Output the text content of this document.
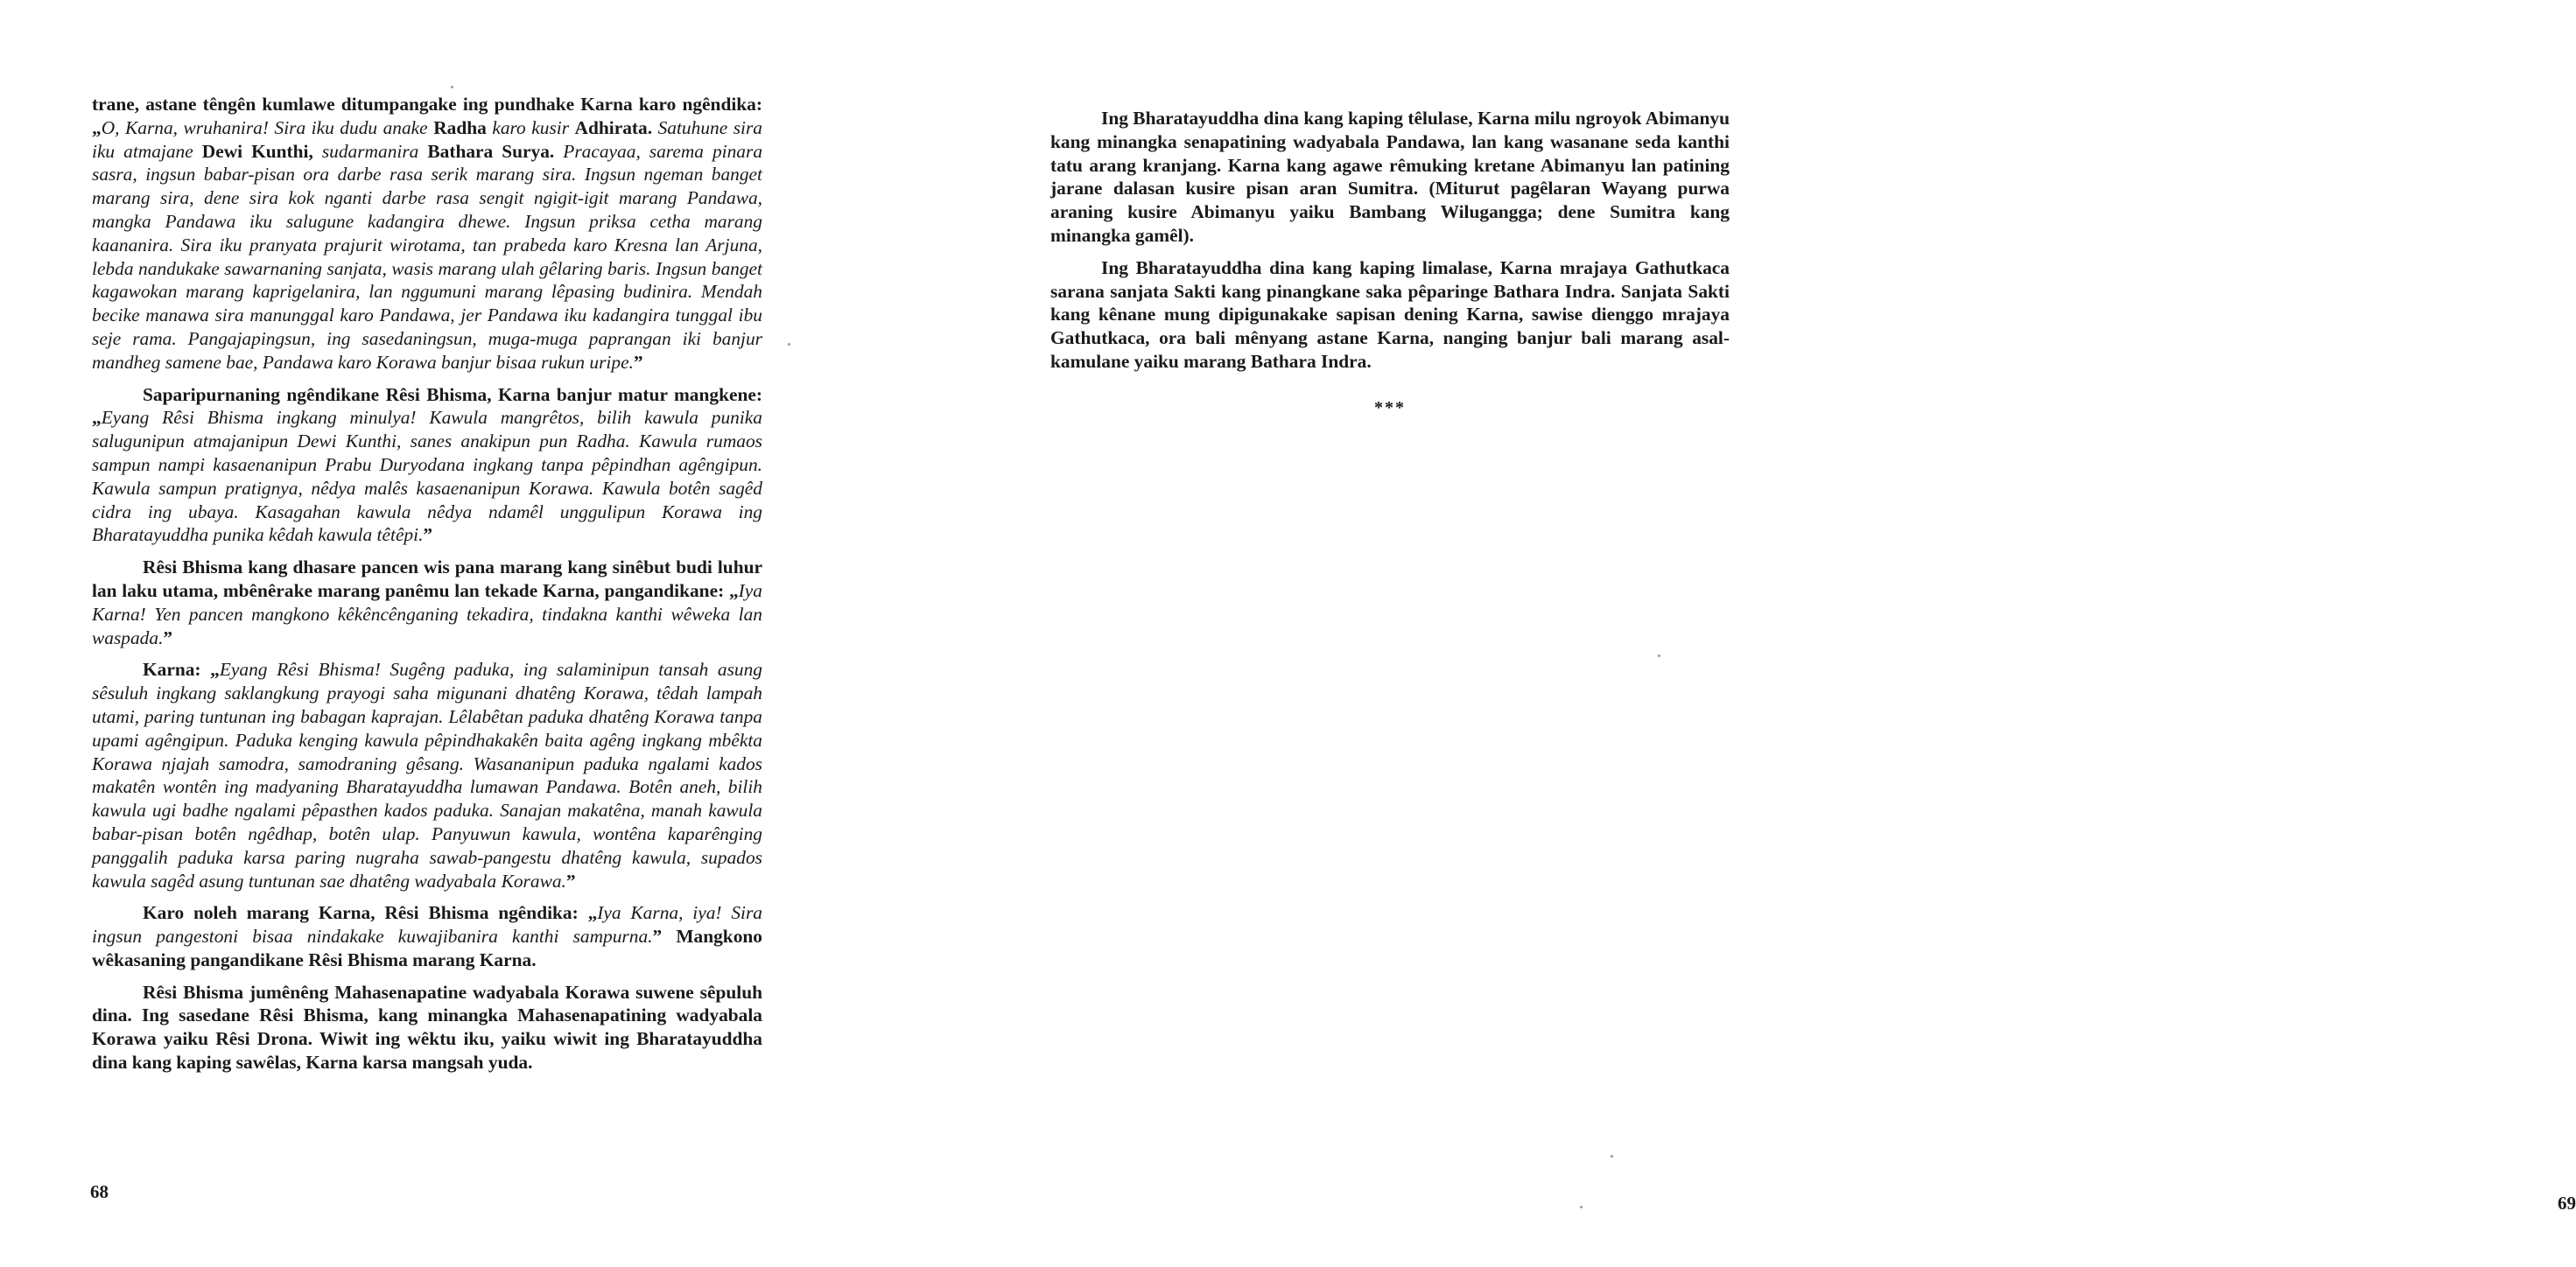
trane, astane têngên kumlawe ditumpangake ing pundhake Karna karo ngêndika: „O, Karna, wruhanira! Sira iku dudu anake Radha karo kusir Adhirata. Satuhune sira iku atmajane Dewi Kunthi, sudarmanira Bathara Surya. Pracayaa, sarema pinara sasra, ingsun babar-pisan ora darbe rasa serik marang sira. Ingsun ngeman banget marang sira, dene sira kok nganti darbe rasa sengit ngigit-igit marang Pandawa, mangka Pandawa iku salugune kadangira dhewe. Ingsun priksa cetha marang kaananira. Sira iku pranyata prajurit wirotama, tan prabeda karo Kresna lan Arjuna, lebda nandukake sawarnaning sanjata, wasis marang ulah gêlaring baris. Ingsun banget kagawokan marang kaprigelanira, lan nggumuni marang lêpasing budinira. Mendah becike manawa sira manunggal karo Pandawa, jer Pandawa iku kadangira tunggal ibu seje rama. Pangajapingsun, ing sasedaningsun, muga-muga paprangan iki banjur mandheg samene bae, Pandawa karo Korawa banjur bisaa rukun uripe.”

Saparipurnaning ngêndikane Rêsi Bhisma, Karna banjur matur mangkene: „Eyang Rêsi Bhisma ingkang minulya! Kawula mangrêtos, bilih kawula punika salugunipun atmajanipun Dewi Kunthi, sanes anakipun pun Radha. Kawula rumaos sampun nampi kasaenanipun Prabu Duryodana ingkang tanpa pêpindhan agêngipun. Kawula sampun pratignya, nêdya malês kasaenanipun Korawa. Kawula botên sagêd cidra ing ubaya. Kasagahan kawula nêdya ndamêl unggulipun Korawa ing Bharatayuddha punika kêdah kawula têtêpi.”

Rêsi Bhisma kang dhasare pancen wis pana marang kang sinêbut budi luhur lan laku utama, mbênêrake marang panêmu lan tekade Karna, pangandikane: „Iya Karna! Yen pancen mangkono kêkêncênganing tekadira, tindakna kanthi wêweka lan waspada.”

Karna: „Eyang Rêsi Bhisma! Sugêng paduka, ing salaminipun tansah asung sêsuluh ingkang saklangkung prayogi saha migunani dhatêng Korawa, têdah lampah utami, paring tuntunan ing babagan kaprajan. Lêlabêtan paduka dhatêng Korawa tanpa upami agêngipun. Paduka kenging kawula pêpindhakakên baita agêng ingkang mbêkta Korawa njajah samodra, samodraning gêsang. Wasananipun paduka ngalami kados makatên wontên ing madyaning Bharatayuddha lumawan Pandawa. Botên aneh, bilih kawula ugi badhe ngalami pêpasthen kados paduka. Sanajan makatêna, manah kawula babar-pisan botên ngêdhap, botên ulap. Panyuwun kawula, wontêna kaparênging panggalih paduka karsa paring nugraha sawab-pangestu dhatêng kawula, supados kawula sagêd asung tuntunan sae dhatêng wadyabala Korawa.”

Karo noleh marang Karna, Rêsi Bhisma ngêndika: „Iya Karna, iya! Sira ingsun pangestoni bisaa nindakake kuwajibanira kanthi sampurna.” Mangkono wêkasaning pangandikane Rêsi Bhisma marang Karna.

Rêsi Bhisma jumênêng Mahasenapatine wadyabala Korawa suwene sêpuluh dina. Ing sasedane Rêsi Bhisma, kang minangka Mahasenapatining wadyabala Korawa yaiku Rêsi Drona. Wiwit ing wêktu iku, yaiku wiwit ing Bharatayuddha dina kang kaping sawêlas, Karna karsa mangsah yuda.

68

Ing Bharatayuddha dina kang kaping têlulase, Karna milu ngroyok Abimanyu kang minangka senapatining wadyabala Pandawa, lan kang wasanane seda kanthi tatu arang kranjang. Karna kang agawe rêmuking kretane Abimanyu lan patining jarane dalasan kusire pisan aran Sumitra. (Miturut pagêlaran Wayang purwa araning kusire Abimanyu yaiku Bambang Wilugangga; dene Sumitra kang minangka gamêl).

Ing Bharatayuddha dina kang kaping limalase, Karna mrajaya Gathutkaca sarana sanjata Sakti kang pinangkane saka pêparinge Bathara Indra. Sanjata Sakti kang kênane mung dipigunakake sapisan dening Karna, sawise dienggo mrajaya Gathutkaca, ora bali mênyang astane Karna, nanging banjur bali marang asal-kamulane yaiku marang Bathara Indra.

***
69
